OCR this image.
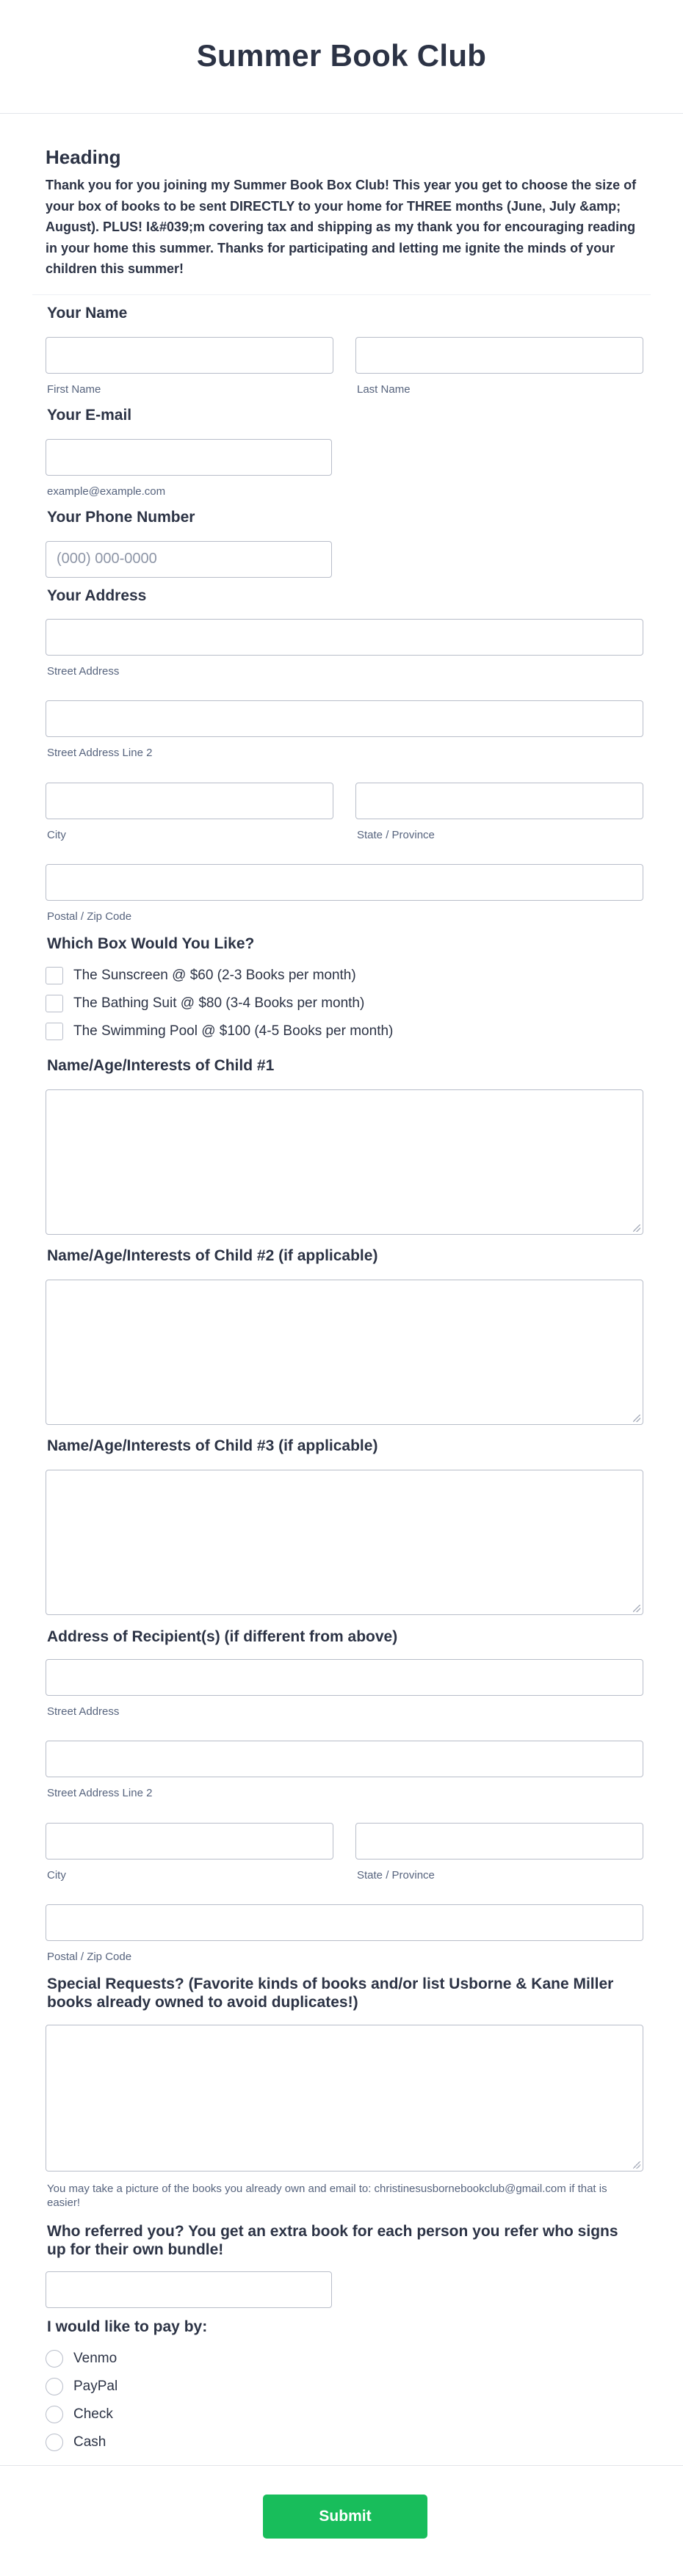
Summer Book Club
Heading
Thank you for you joining my Summer Book Box Club! This year you get to choose the size of your box of books to be sent DIRECTLY to your home for THREE months (June, July &amp; August). PLUS! I&#039;m covering tax and shipping as my thank you for encouraging reading in your home this summer. Thanks for participating and letting me ignite the minds of your children this summer!
Your Name
First Name	Last Name
Your E-mail
example@example.com
Your Phone Number
(000) 000-0000
Your Address
Street Address
Street Address Line 2
City	State / Province
Postal / Zip Code
Which Box Would You Like?
The Sunscreen @ $60 (2-3 Books per month)
The Bathing Suit @ $80 (3-4 Books per month)
The Swimming Pool @ $100 (4-5 Books per month)
Name/Age/Interests of Child #1
Name/Age/Interests of Child #2 (if applicable)
Name/Age/Interests of Child #3 (if applicable)
Address of Recipient(s) (if different from above)
Street Address
Street Address Line 2
City	State / Province
Postal / Zip Code
Special Requests? (Favorite kinds of books and/or list Usborne & Kane Miller books already owned to avoid duplicates!)
You may take a picture of the books you already own and email to: christinesusbornebookclub@gmail.com if that is easier!
Who referred you? You get an extra book for each person you refer who signs up for their own bundle!
I would like to pay by:
Venmo
PayPal
Check
Cash
Submit
